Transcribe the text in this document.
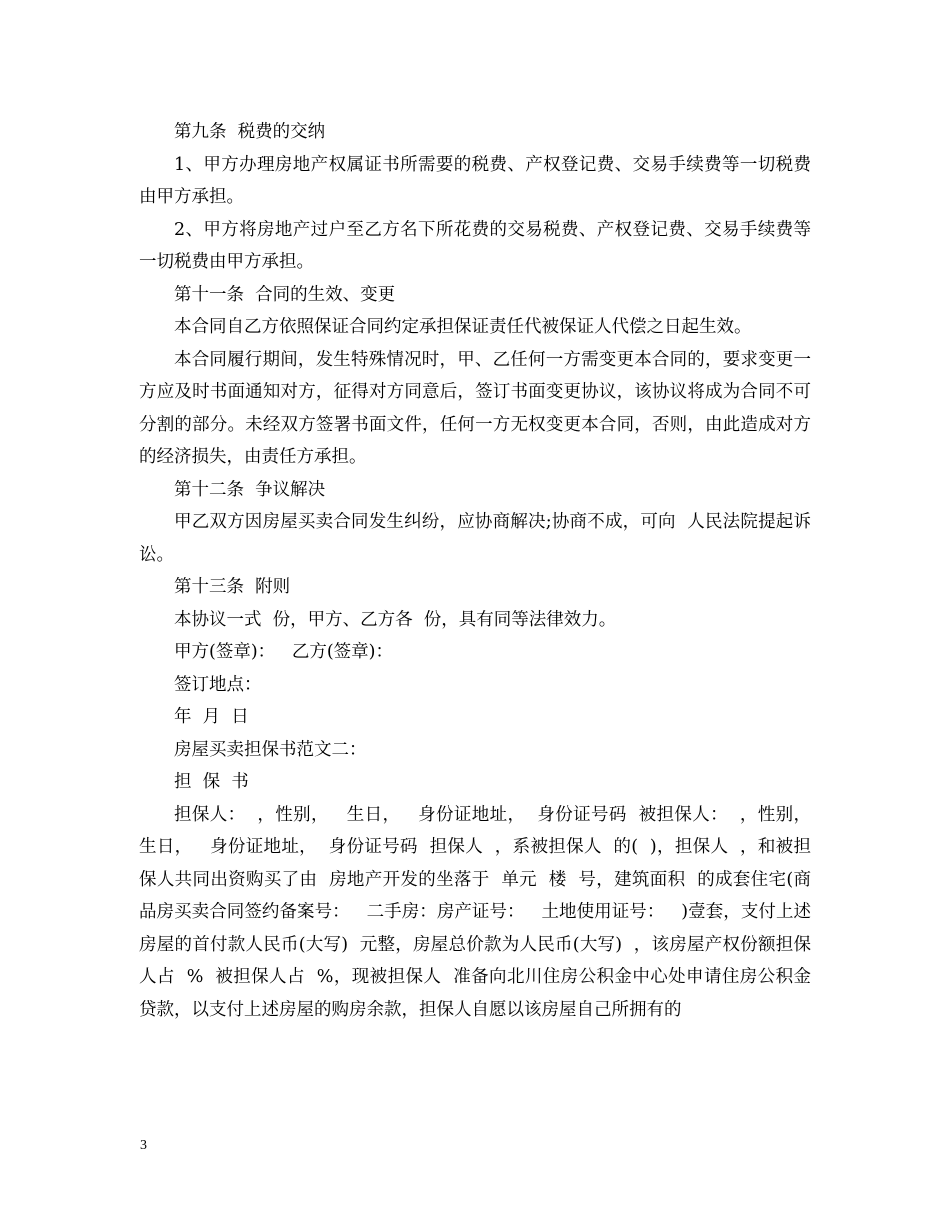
第九条  税费的交纳

1、甲方办理房地产权属证书所需要的税费、产权登记费、交易手续费等一切税费由甲方承担。

2、甲方将房地产过户至乙方名下所花费的交易税费、产权登记费、交易手续费等一切税费由甲方承担。

第十一条  合同的生效、变更

本合同自乙方依照保证合同约定承担保证责任代被保证人代偿之日起生效。

本合同履行期间，发生特殊情况时，甲、乙任何一方需变更本合同的，要求变更一方应及时书面通知对方，征得对方同意后，签订书面变更协议，该协议将成为合同不可分割的部分。未经双方签署书面文件，任何一方无权变更本合同，否则，由此造成对方的经济损失，由责任方承担。

第十二条  争议解决

甲乙双方因房屋买卖合同发生纠纷，应协商解决;协商不成，可向  人民法院提起诉讼。

第十三条  附则

本协议一式  份，甲方、乙方各  份，具有同等法律效力。

甲方(签章)：   乙方(签章)：

签订地点：

年  月  日

房屋买卖担保书范文二：

担  保  书

担保人：  ，性别，   生日，   身份证地址，  身份证号码  被担保人：  ，性别，   生日，   身份证地址，  身份证号码  担保人  ，系被担保人  的(  )，担保人  ，和被担保人共同出资购买了由  房地产开发的坐落于  单元  楼  号，建筑面积  的成套住宅(商品房买卖合同签约备案号：   二手房：房产证号：   土地使用证号：   )壹套，支付上述房屋的首付款人民币(大写)  元整，房屋总价款为人民币(大写)  ，该房屋产权份额担保人占  %  被担保人占  %，现被担保人  准备向北川住房公积金中心处申请住房公积金贷款，以支付上述房屋的购房余款，担保人自愿以该房屋自己所拥有的

3
